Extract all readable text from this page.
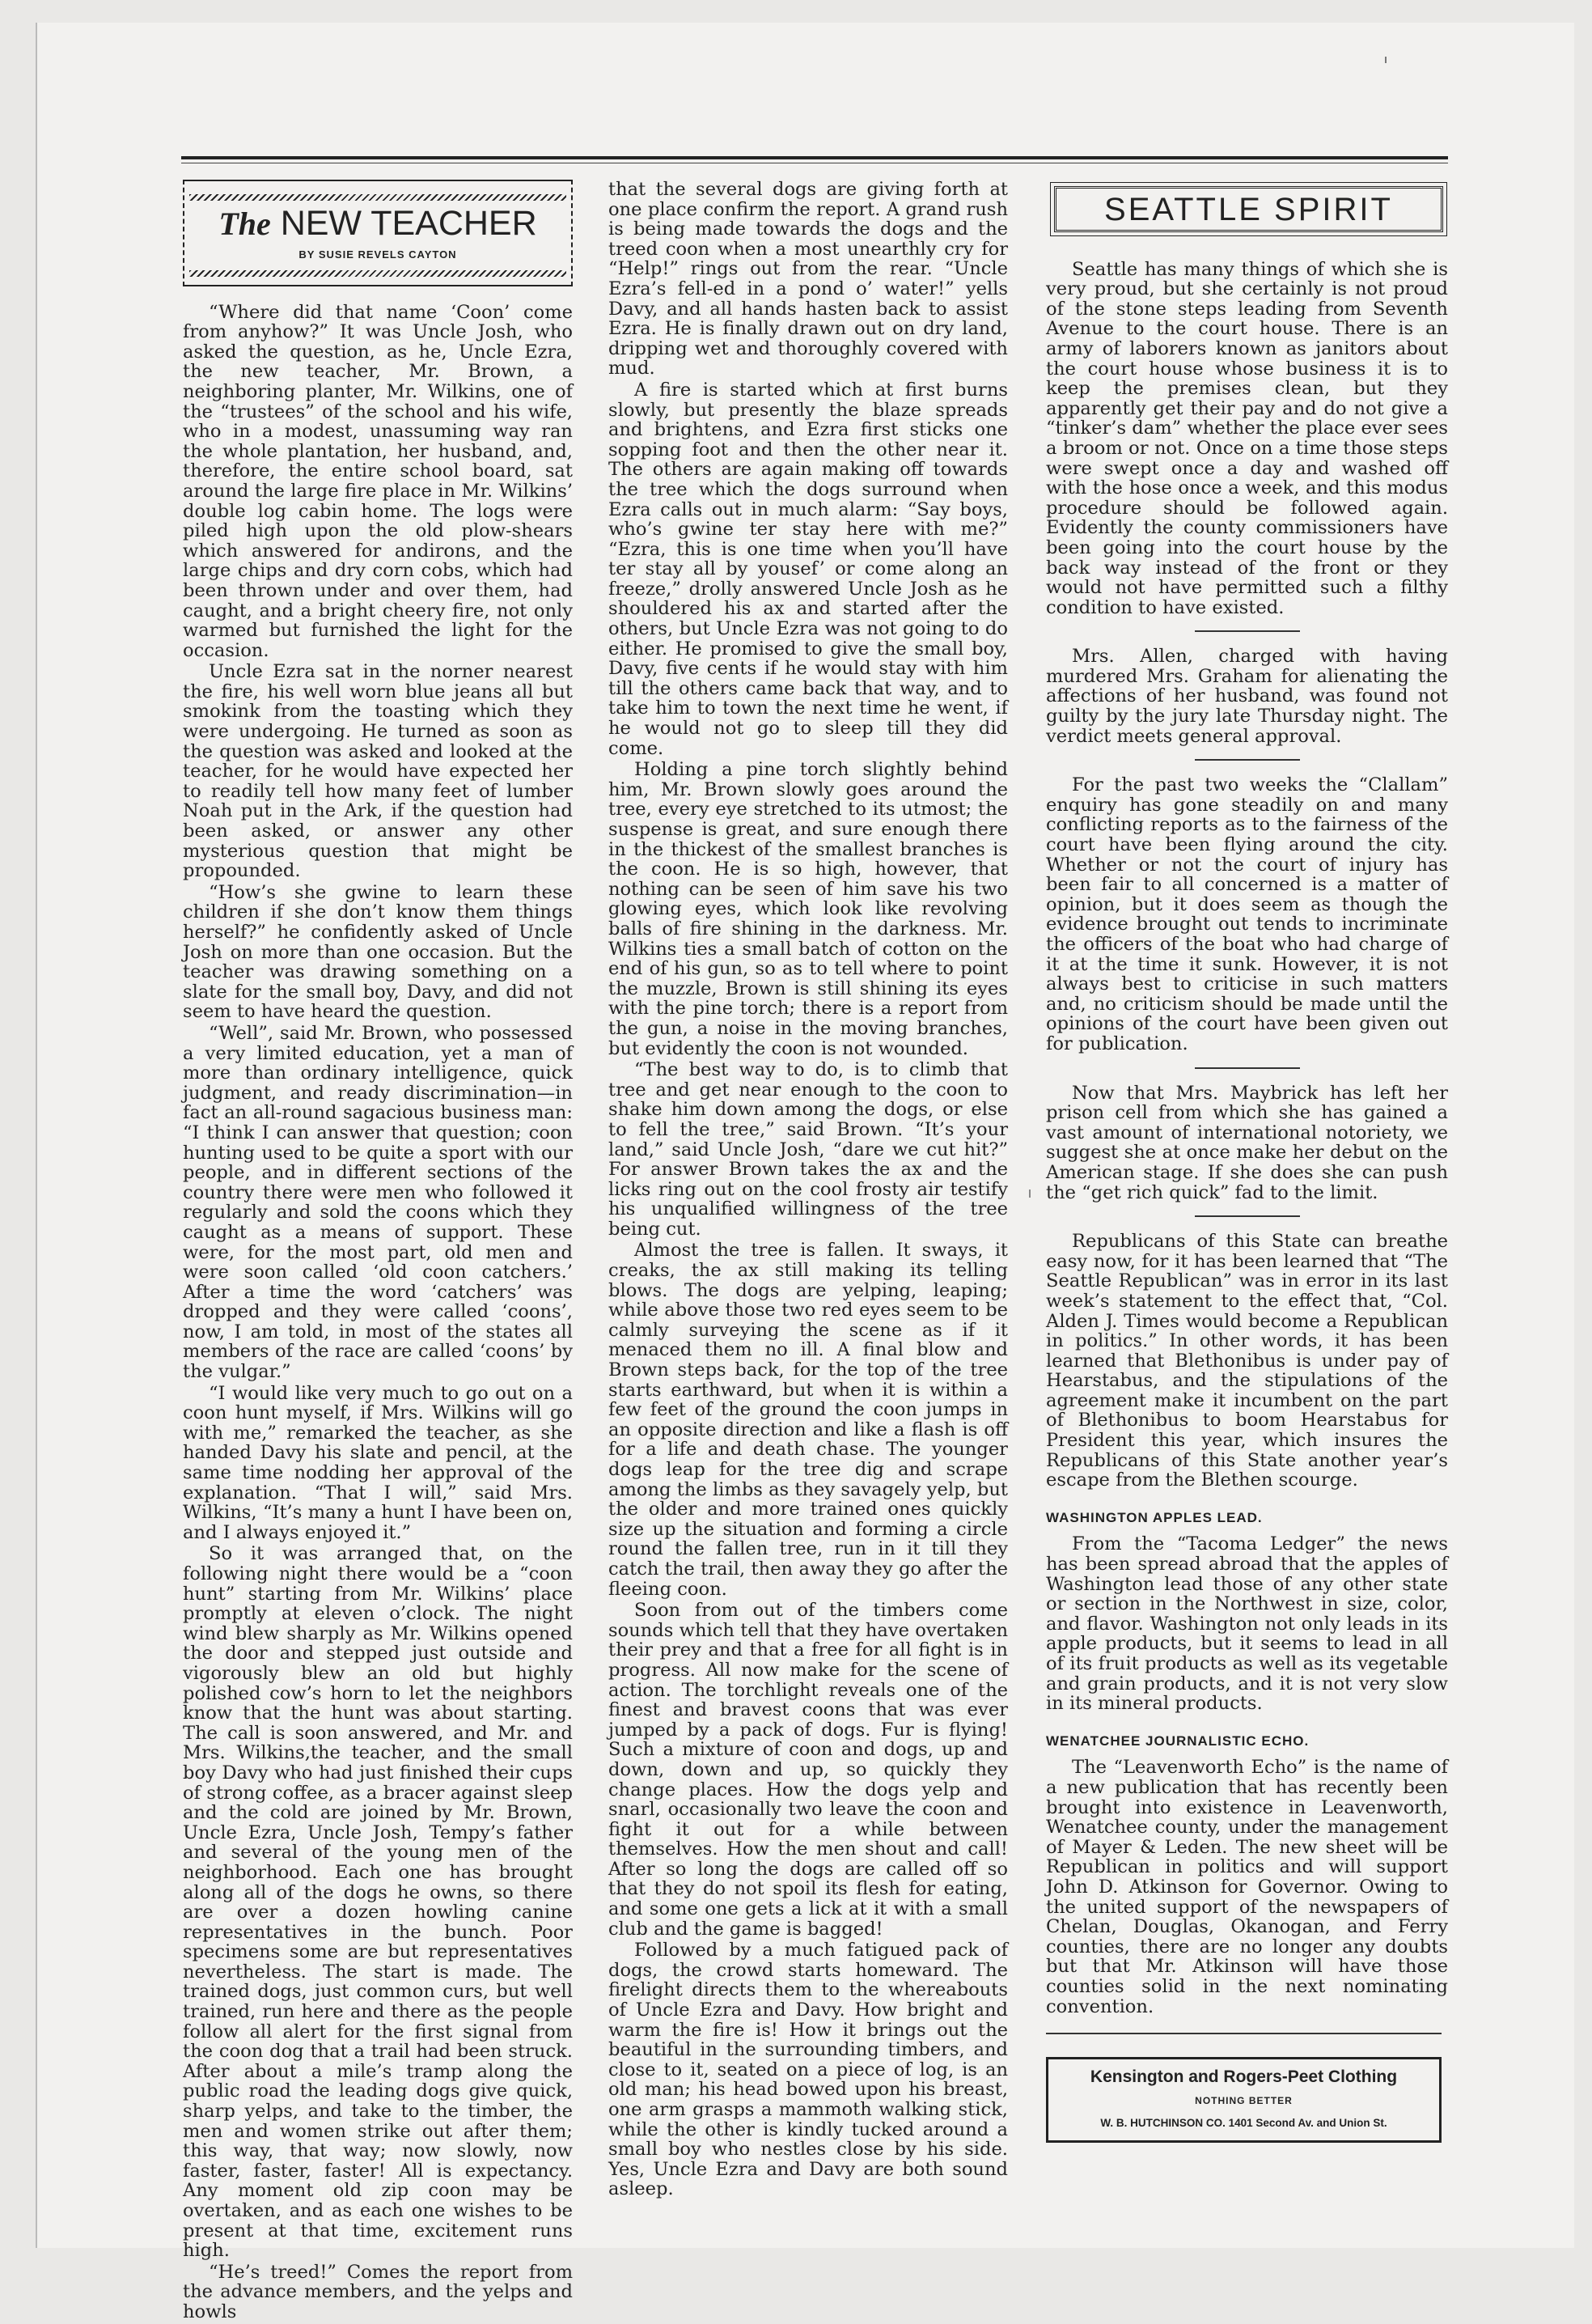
The NEW TEACHER
BY SUSIE REVELS CAYTON

“Where did that name ‘Coon’ come from anyhow?” It was Uncle Josh, who asked the question, as he, Uncle Ezra, the new teacher, Mr. Brown, a neighboring planter, Mr. Wilkins, one of the “trustees” of the school and his wife, who in a modest, unassuming way ran the whole plantation, her husband, and, therefore, the entire school board, sat around the large fire place in Mr. Wilkins’ double log cabin home. The logs were piled high upon the old plow-shears which answered for andirons, and the large chips and dry corn cobs, which had been thrown under and over them, had caught, and a bright cheery fire, not only warmed but furnished the light for the occasion.

Uncle Ezra sat in the norner nearest the fire, his well worn blue jeans all but smokink from the toasting which they were undergoing. He turned as soon as the question was asked and looked at the teacher, for he would have expected her to readily tell how many feet of lumber Noah put in the Ark, if the question had been asked, or answer any other mysterious question that might be propounded.

“How’s she gwine to learn these children if she don’t know them things herself?” he confidently asked of Uncle Josh on more than one occasion. But the teacher was drawing something on a slate for the small boy, Davy, and did not seem to have heard the question.

“Well”, said Mr. Brown, who possessed a very limited education, yet a man of more than ordinary intelligence, quick judgment, and ready discrimination—in fact an all-round sagacious business man: “I think I can answer that question; coon hunting used to be quite a sport with our people, and in different sections of the country there were men who followed it regularly and sold the coons which they caught as a means of support. These were, for the most part, old men and were soon called ‘old coon catchers.’ After a time the word ‘catchers’ was dropped and they were called ‘coons’, now, I am told, in most of the states all members of the race are called ‘coons’ by the vulgar.”

“I would like very much to go out on a coon hunt myself, if Mrs. Wilkins will go with me,” remarked the teacher, as she handed Davy his slate and pencil, at the same time nodding her approval of the explanation. “That I will,” said Mrs. Wilkins, “It’s many a hunt I have been on, and I always enjoyed it.”

So it was arranged that, on the following night there would be a “coon hunt” starting from Mr. Wilkins’ place promptly at eleven o’clock. The night wind blew sharply as Mr. Wilkins opened the door and stepped just outside and vigorously blew an old but highly polished cow’s horn to let the neighbors know that the hunt was about starting. The call is soon answered, and Mr. and Mrs. Wilkins,the teacher, and the small boy Davy who had just finished their cups of strong coffee, as a bracer against sleep and the cold are joined by Mr. Brown, Uncle Ezra, Uncle Josh, Tempy’s father and several of the young men of the neighborhood. Each one has brought along all of the dogs he owns, so there are over a dozen howling canine representatives in the bunch. Poor specimens some are but representatives nevertheless. The start is made. The trained dogs, just common curs, but well trained, run here and there as the people follow all alert for the first signal from the coon dog that a trail had been struck. After about a mile’s tramp along the public road the leading dogs give quick, sharp yelps, and take to the timber, the men and women strike out after them; this way, that way; now slowly, now faster, faster, faster! All is expectancy. Any moment old zip coon may be overtaken, and as each one wishes to be present at that time, excitement runs high.

“He’s treed!” Comes the report from the advance members, and the yelps and howls

that the several dogs are giving forth at one place confirm the report. A grand rush is being made towards the dogs and the treed coon when a most unearthly cry for “Help!” rings out from the rear. “Uncle Ezra’s fell-ed in a pond o’ water!” yells Davy, and all hands hasten back to assist Ezra. He is finally drawn out on dry land, dripping wet and thoroughly covered with mud.

A fire is started which at first burns slowly, but presently the blaze spreads and brightens, and Ezra first sticks one sopping foot and then the other near it. The others are again making off towards the tree which the dogs surround when Ezra calls out in much alarm: “Say boys, who’s gwine ter stay here with me?” “Ezra, this is one time when you’ll have ter stay all by yousef’ or come along an freeze,” drolly answered Uncle Josh as he shouldered his ax and started after the others, but Uncle Ezra was not going to do either. He promised to give the small boy, Davy, five cents if he would stay with him till the others came back that way, and to take him to town the next time he went, if he would not go to sleep till they did come.

Holding a pine torch slightly behind him, Mr. Brown slowly goes around the tree, every eye stretched to its utmost; the suspense is great, and sure enough there in the thickest of the smallest branches is the coon. He is so high, however, that nothing can be seen of him save his two glowing eyes, which look like revolving balls of fire shining in the darkness. Mr. Wilkins ties a small batch of cotton on the end of his gun, so as to tell where to point the muzzle, Brown is still shining its eyes with the pine torch; there is a report from the gun, a noise in the moving branches, but evidently the coon is not wounded.

“The best way to do, is to climb that tree and get near enough to the coon to shake him down among the dogs, or else to fell the tree,” said Brown. “It’s your land,” said Uncle Josh, “dare we cut hit?” For answer Brown takes the ax and the licks ring out on the cool frosty air testify his unqualified willingness of the tree being cut.

Almost the tree is fallen. It sways, it creaks, the ax still making its telling blows. The dogs are yelping, leaping; while above those two red eyes seem to be calmly surveying the scene as if it menaced them no ill. A final blow and Brown steps back, for the top of the tree starts earthward, but when it is within a few feet of the ground the coon jumps in an opposite direction and like a flash is off for a life and death chase. The younger dogs leap for the tree dig and scrape among the limbs as they savagely yelp, but the older and more trained ones quickly size up the situation and forming a circle round the fallen tree, run in it till they catch the trail, then away they go after the fleeing coon.

Soon from out of the timbers come sounds which tell that they have overtaken their prey and that a free for all fight is in progress. All now make for the scene of action. The torchlight reveals one of the finest and bravest coons that was ever jumped by a pack of dogs. Fur is flying! Such a mixture of coon and dogs, up and down, down and up, so quickly they change places. How the dogs yelp and snarl, occasionally two leave the coon and fight it out for a while between themselves. How the men shout and call! After so long the dogs are called off so that they do not spoil its flesh for eating, and some one gets a lick at it with a small club and the game is bagged!

Followed by a much fatigued pack of dogs, the crowd starts homeward. The firelight directs them to the whereabouts of Uncle Ezra and Davy. How bright and warm the fire is! How it brings out the beautiful in the surrounding timbers, and close to it, seated on a piece of log, is an old man; his head bowed upon his breast, one arm grasps a mammoth walking stick, while the other is kindly tucked around a small boy who nestles close by his side. Yes, Uncle Ezra and Davy are both sound asleep.

SEATTLE SPIRIT

Seattle has many things of which she is very proud, but she certainly is not proud of the stone steps leading from Seventh Avenue to the court house. There is an army of laborers known as janitors about the court house whose business it is to keep the premises clean, but they apparently get their pay and do not give a “tinker’s dam” whether the place ever sees a broom or not. Once on a time those steps were swept once a day and washed off with the hose once a week, and this modus procedure should be followed again. Evidently the county commissioners have been going into the court house by the back way instead of the front or they would not have permitted such a filthy condition to have existed.

Mrs. Allen, charged with having murdered Mrs. Graham for alienating the affections of her husband, was found not guilty by the jury late Thursday night. The verdict meets general approval.

For the past two weeks the “Clallam” enquiry has gone steadily on and many conflicting reports as to the fairness of the court have been flying around the city. Whether or not the court of injury has been fair to all concerned is a matter of opinion, but it does seem as though the evidence brought out tends to incriminate the officers of the boat who had charge of it at the time it sunk. However, it is not always best to criticise in such matters and, no criticism should be made until the opinions of the court have been given out for publication.

Now that Mrs. Maybrick has left her prison cell from which she has gained a vast amount of international notoriety, we suggest she at once make her debut on the American stage. If she does she can push the “get rich quick” fad to the limit.

Republicans of this State can breathe easy now, for it has been learned that “The Seattle Republican” was in error in its last week’s statement to the effect that, “Col. Alden J. Times would become a Republican in politics.” In other words, it has been learned that Blethonibus is under pay of Hearstabus, and the stipulations of the agreement make it incumbent on the part of Blethonibus to boom Hearstabus for President this year, which insures the Republicans of this State another year’s escape from the Blethen scourge.

WASHINGTON APPLES LEAD.

From the “Tacoma Ledger” the news has been spread abroad that the apples of Washington lead those of any other state or section in the Northwest in size, color, and flavor. Washington not only leads in its apple products, but it seems to lead in all of its fruit products as well as its vegetable and grain products, and it is not very slow in its mineral products.

WENATCHEE JOURNALISTIC ECHO.

The “Leavenworth Echo” is the name of a new publication that has recently been brought into existence in Leavenworth, Wenatchee county, under the management of Mayer & Leden. The new sheet will be Republican in politics and will support John D. Atkinson for Governor. Owing to the united support of the newspapers of Chelan, Douglas, Okanogan, and Ferry counties, there are no longer any doubts but that Mr. Atkinson will have those counties solid in the next nominating convention.

Kensington and Rogers-Peet Clothing
NOTHING BETTER
W. B. HUTCHINSON CO. 1401 Second Av. and Union St.
